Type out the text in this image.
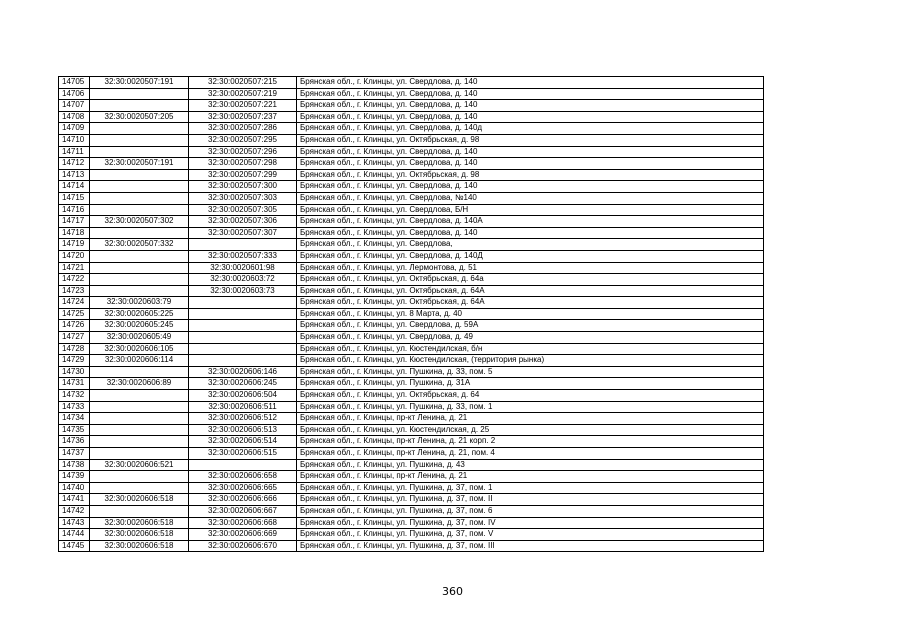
14705	32:30:0020507:191	32:30:0020507:215	Брянская обл., г. Клинцы, ул. Свердлова, д. 140
14706		32:30:0020507:219	Брянская обл., г. Клинцы, ул. Свердлова, д. 140
14707		32:30:0020507:221	Брянская обл., г. Клинцы, ул. Свердлова, д. 140
14708	32:30:0020507:205	32:30:0020507:237	Брянская обл., г. Клинцы, ул. Свердлова, д. 140
14709		32:30:0020507:286	Брянская обл., г. Клинцы, ул. Свердлова, д. 140д
14710		32:30:0020507:295	Брянская обл., г. Клинцы, ул. Октябрьская, д. 98
14711		32:30:0020507:296	Брянская обл., г. Клинцы, ул. Свердлова, д. 140
14712	32:30:0020507:191	32:30:0020507:298	Брянская обл., г. Клинцы, ул. Свердлова, д. 140
14713		32:30:0020507:299	Брянская обл., г. Клинцы, ул. Октябрьская, д. 98
14714		32:30:0020507:300	Брянская обл., г. Клинцы, ул. Свердлова, д. 140
14715		32:30:0020507:303	Брянская обл., г. Клинцы, ул. Свердлова, №140
14716		32:30:0020507:305	Брянская обл., г. Клинцы, ул. Свердлова, Б/Н
14717	32:30:0020507:302	32:30:0020507:306	Брянская обл., г. Клинцы, ул. Свердлова, д. 140А
14718		32:30:0020507:307	Брянская обл., г. Клинцы, ул. Свердлова, д. 140
14719	32:30:0020507:332		Брянская обл., г. Клинцы, ул. Свердлова,
14720		32:30:0020507:333	Брянская обл., г. Клинцы, ул. Свердлова, д. 140Д
14721		32:30:0020601:98	Брянская обл., г. Клинцы, ул. Лермонтова, д. 51
14722		32:30:0020603:72	Брянская обл., г. Клинцы, ул. Октябрьская, д. 64а
14723		32:30:0020603:73	Брянская обл., г. Клинцы, ул. Октябрьская, д. 64А
14724	32:30:0020603:79		Брянская обл., г. Клинцы, ул. Октябрьская, д. 64А
14725	32:30:0020605:225		Брянская обл., г. Клинцы, ул. 8 Марта, д. 40
14726	32:30:0020605:245		Брянская обл., г. Клинцы, ул. Свердлова, д. 59А
14727	32:30:0020605:49		Брянская обл., г. Клинцы, ул. Свердлова, д. 49
14728	32:30:0020606:105		Брянская обл., г. Клинцы, ул. Кюстендилская, б/н
14729	32:30:0020606:114		Брянская обл., г. Клинцы, ул. Кюстендилская, (территория рынка)
14730		32:30:0020606:146	Брянская обл., г. Клинцы, ул. Пушкина, д. 33, пом. 5
14731	32:30:0020606:89	32:30:0020606:245	Брянская обл., г. Клинцы, ул. Пушкина, д. 31А
14732		32:30:0020606:504	Брянская обл., г. Клинцы, ул. Октябрьская, д. 64
14733		32:30:0020606:511	Брянская обл., г. Клинцы, ул. Пушкина, д. 33, пом. 1
14734		32:30:0020606:512	Брянская обл., г. Клинцы, пр-кт Ленина, д. 21
14735		32:30:0020606:513	Брянская обл., г. Клинцы, ул. Кюстендилская, д. 25
14736		32:30:0020606:514	Брянская обл., г. Клинцы, пр-кт Ленина, д. 21 корп. 2
14737		32:30:0020606:515	Брянская обл., г. Клинцы, пр-кт Ленина, д. 21, пом. 4
14738	32:30:0020606:521		Брянская обл., г. Клинцы, ул. Пушкина, д. 43
14739		32:30:0020606:658	Брянская обл., г. Клинцы, пр-кт Ленина, д. 21
14740		32:30:0020606:665	Брянская обл., г. Клинцы, ул. Пушкина, д. 37, пом. 1
14741	32:30:0020606:518	32:30:0020606:666	Брянская обл., г. Клинцы, ул. Пушкина, д. 37, пом. II
14742		32:30:0020606:667	Брянская обл., г. Клинцы, ул. Пушкина, д. 37, пом. 6
14743	32:30:0020606:518	32:30:0020606:668	Брянская обл., г. Клинцы, ул. Пушкина, д. 37, пом. IV
14744	32:30:0020606:518	32:30:0020606:669	Брянская обл., г. Клинцы, ул. Пушкина, д. 37, пом. V
14745	32:30:0020606:518	32:30:0020606:670	Брянская обл., г. Клинцы, ул. Пушкина, д. 37, пом. III
360
